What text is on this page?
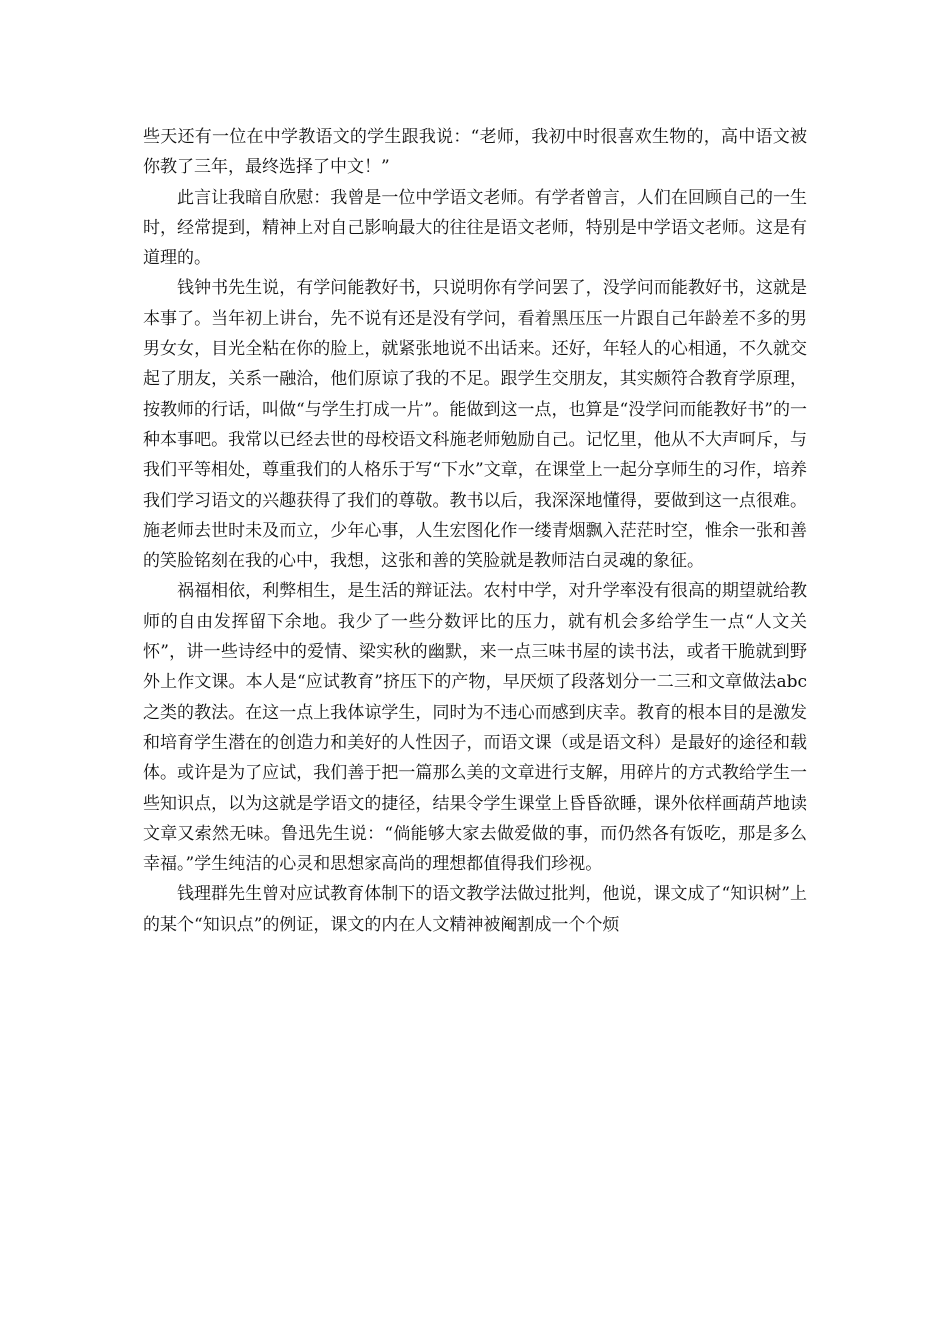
些天还有一位在中学教语文的学生跟我说：“老师，我初中时很喜欢生物的，高中语文被你教了三年，最终选择了中文！”

　　此言让我暗自欣慰：我曾是一位中学语文老师。有学者曾言，人们在回顾自己的一生时，经常提到，精神上对自己影响最大的往往是语文老师，特别是中学语文老师。这是有道理的。

　　钱钟书先生说，有学问能教好书，只说明你有学问罢了，没学问而能教好书，这就是本事了。当年初上讲台，先不说有还是没有学问，看着黑压压一片跟自己年龄差不多的男男女女，目光全粘在你的脸上，就紧张地说不出话来。还好，年轻人的心相通，不久就交起了朋友，关系一融洽，他们原谅了我的不足。跟学生交朋友，其实颇符合教育学原理，按教师的行话，叫做“与学生打成一片”。能做到这一点，也算是“没学问而能教好书”的一种本事吧。我常以已经去世的母校语文科施老师勉励自己。记忆里，他从不大声呵斥，与我们平等相处，尊重我们的人格乐于写“下水”文章，在课堂上一起分享师生的习作，培养我们学习语文的兴趣获得了我们的尊敬。教书以后，我深深地懂得，要做到这一点很难。施老师去世时未及而立，少年心事，人生宏图化作一缕青烟飘入茫茫时空，惟余一张和善的笑脸铭刻在我的心中，我想，这张和善的笑脸就是教师洁白灵魂的象征。

　　祸福相依，利弊相生，是生活的辩证法。农村中学，对升学率没有很高的期望就给教师的自由发挥留下余地。我少了一些分数评比的压力，就有机会多给学生一点“人文关怀”，讲一些诗经中的爱情、梁实秋的幽默，来一点三味书屋的读书法，或者干脆就到野外上作文课。本人是“应试教育”挤压下的产物，早厌烦了段落划分一二三和文章做法abc之类的教法。在这一点上我体谅学生，同时为不违心而感到庆幸。教育的根本目的是激发和培育学生潜在的创造力和美好的人性因子，而语文课（或是语文科）是最好的途径和载体。或许是为了应试，我们善于把一篇那么美的文章进行支解，用碎片的方式教给学生一些知识点，以为这就是学语文的捷径，结果令学生课堂上昏昏欲睡，课外依样画葫芦地读文章又索然无味。鲁迅先生说：“倘能够大家去做爱做的事，而仍然各有饭吃，那是多么幸福。”学生纯洁的心灵和思想家高尚的理想都值得我们珍视。

　　钱理群先生曾对应试教育体制下的语文教学法做过批判，他说，课文成了“知识树”上的某个“知识点”的例证，课文的内在人文精神被阉割成一个个烦
